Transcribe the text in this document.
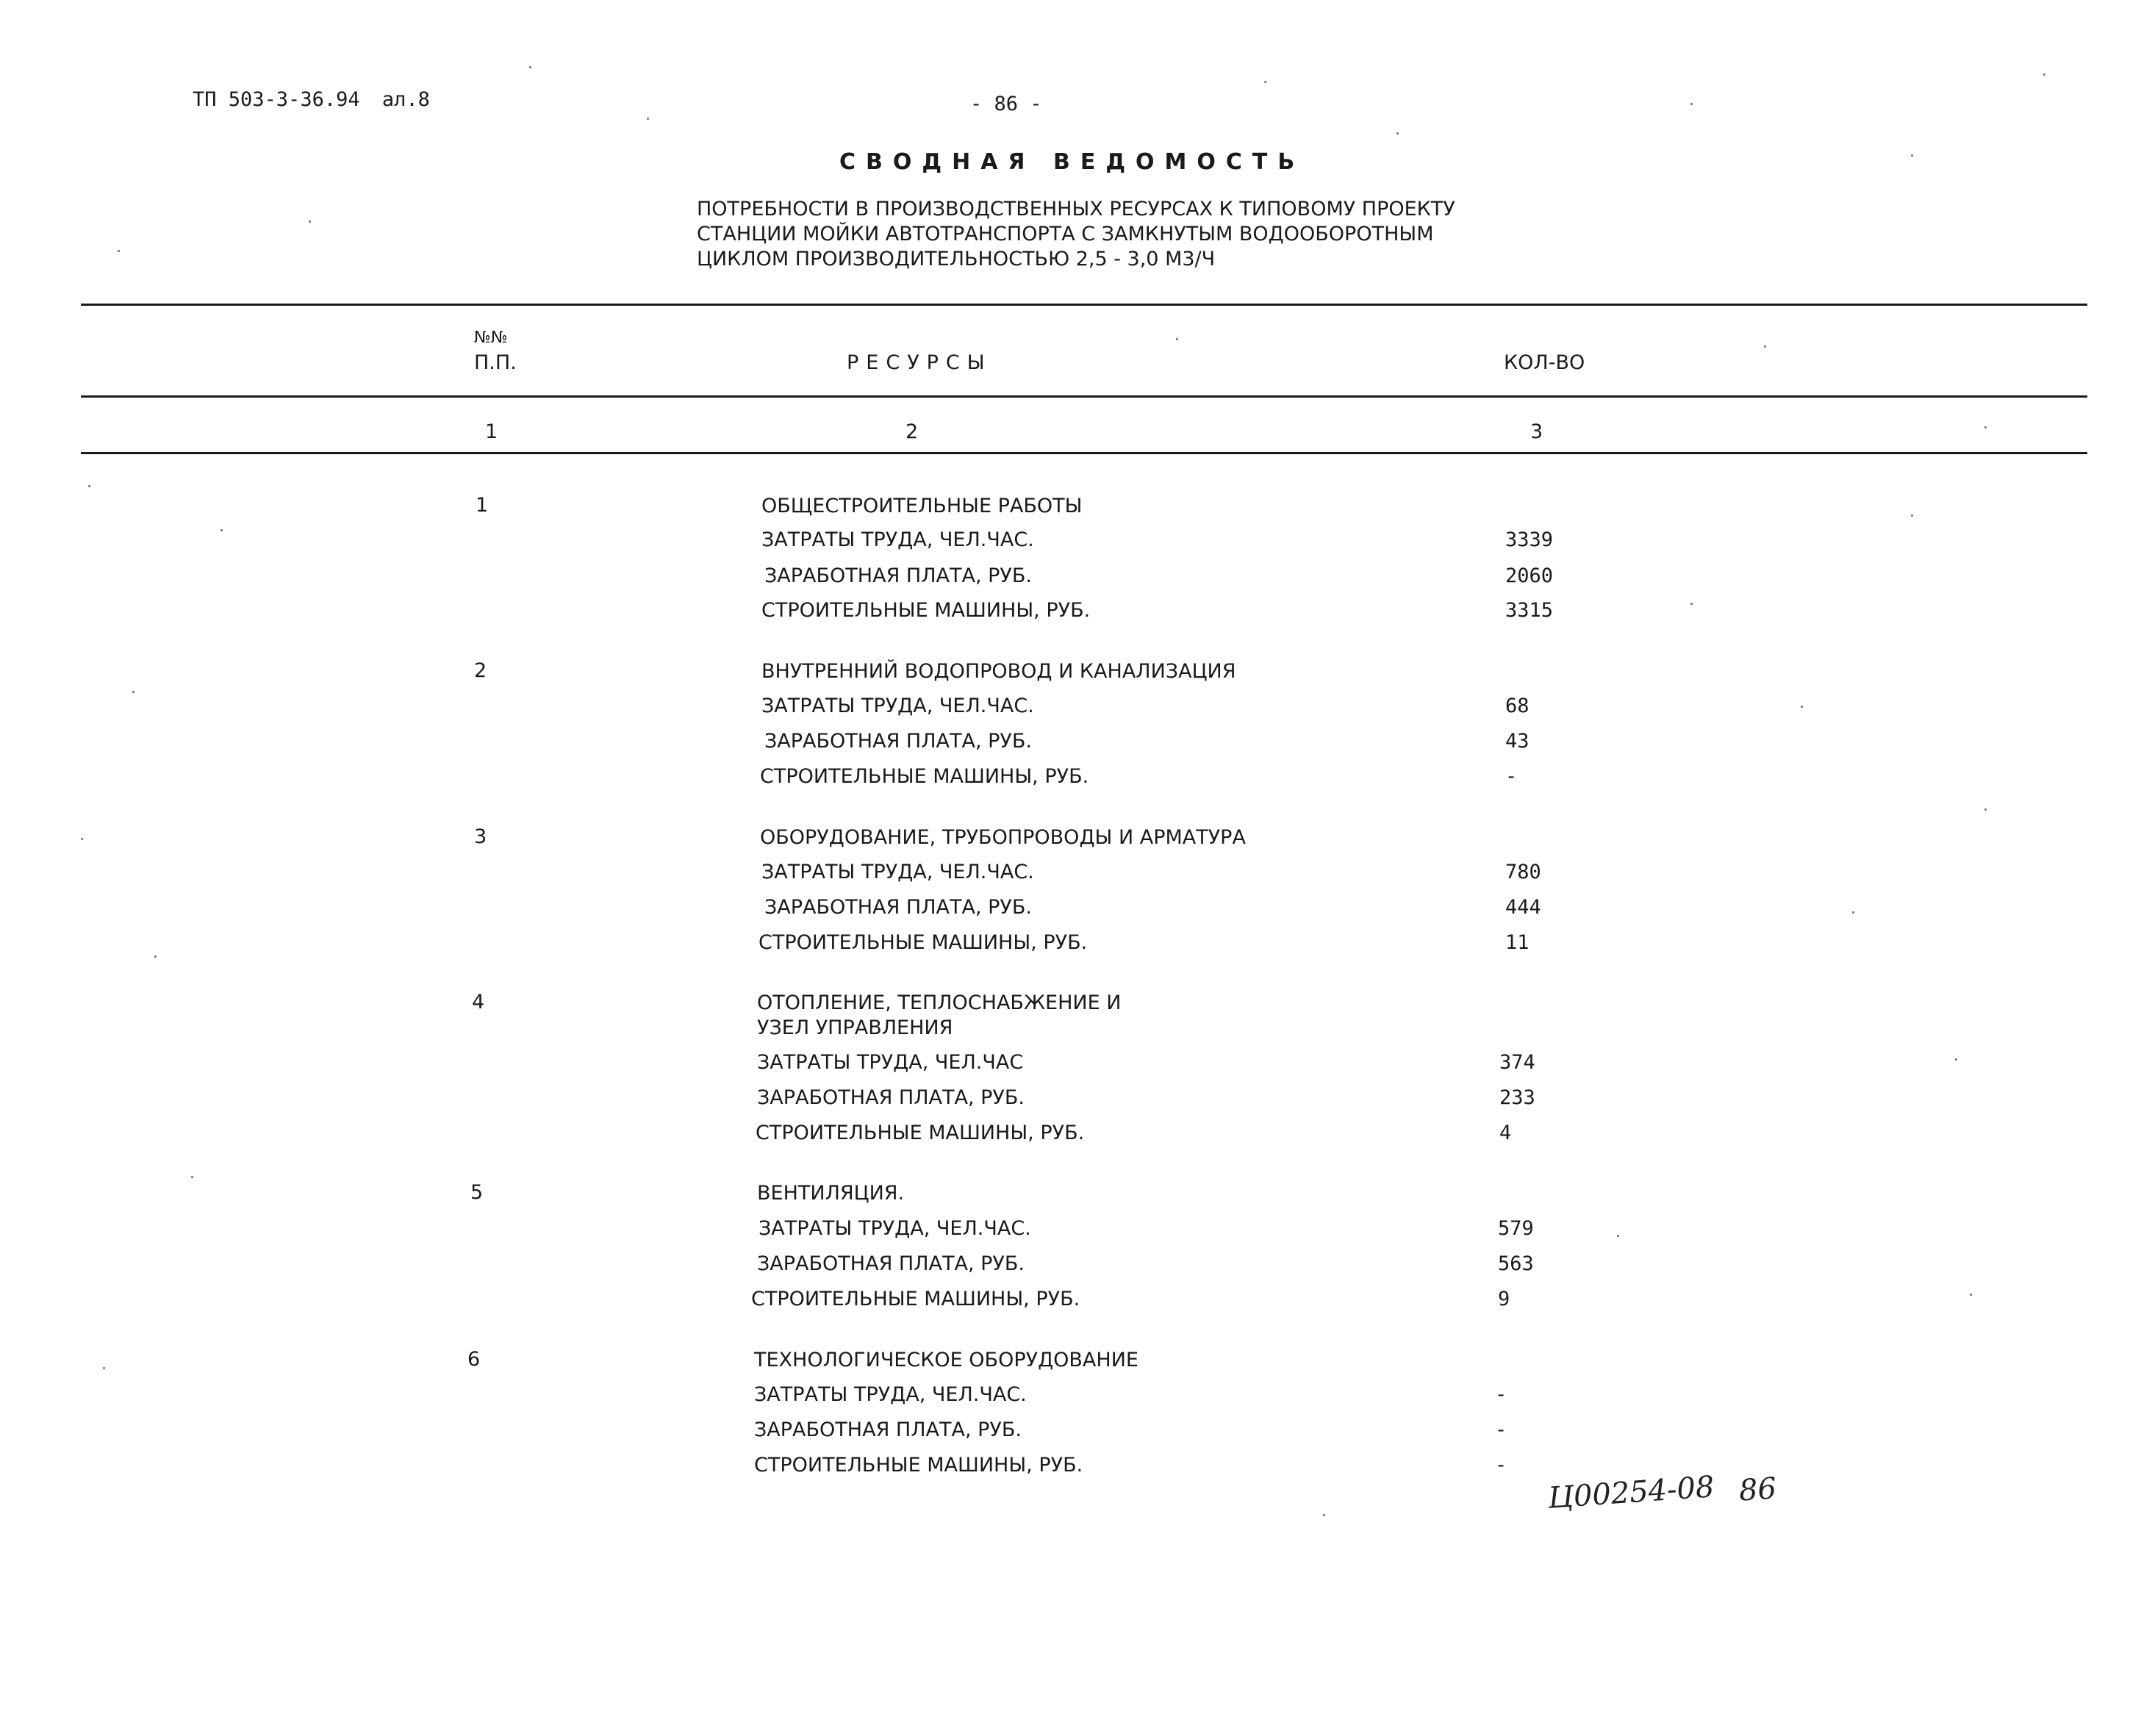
ТП 503-3-36.94 ал.8	- 86 -
СВОДНАЯ ВЕДОМОСТЬ
ПОТРЕБНОСТИ В ПРОИЗВОДСТВЕННЫХ РЕСУРСАХ К ТИПОВОМУ ПРОЕКТУ
СТАНЦИИ МОЙКИ АВТОТРАНСПОРТА С ЗАМКНУТЫМ ВОДООБОРОТНЫМ
ЦИКЛОМ ПРОИЗВОДИТЕЛЬНОСТЬЮ 2,5 - 3,0 М3/Ч
№№
П.П.	РЕСУРСЫ	КОЛ-ВО
1	2	3
1	ОБЩЕСТРОИТЕЛЬНЫЕ РАБОТЫ
ЗАТРАТЫ ТРУДА, ЧЕЛ.ЧАС.	3339
ЗАРАБОТНАЯ ПЛАТА, РУБ.	2060
СТРОИТЕЛЬНЫЕ МАШИНЫ, РУБ.	3315
2	ВНУТРЕННИЙ ВОДОПРОВОД И КАНАЛИЗАЦИЯ
ЗАТРАТЫ ТРУДА, ЧЕЛ.ЧАС.	68
ЗАРАБОТНАЯ ПЛАТА, РУБ.	43
СТРОИТЕЛЬНЫЕ МАШИНЫ, РУБ.	-
3	ОБОРУДОВАНИЕ, ТРУБОПРОВОДЫ И АРМАТУРА
ЗАТРАТЫ ТРУДА, ЧЕЛ.ЧАС.	780
ЗАРАБОТНАЯ ПЛАТА, РУБ.	444
СТРОИТЕЛЬНЫЕ МАШИНЫ, РУБ.	11
4	ОТОПЛЕНИЕ, ТЕПЛОСНАБЖЕНИЕ И
УЗЕЛ УПРАВЛЕНИЯ
ЗАТРАТЫ ТРУДА, ЧЕЛ.ЧАС	374
ЗАРАБОТНАЯ ПЛАТА, РУБ.	233
СТРОИТЕЛЬНЫЕ МАШИНЫ, РУБ.	4
5	ВЕНТИЛЯЦИЯ.
ЗАТРАТЫ ТРУДА, ЧЕЛ.ЧАС.	579
ЗАРАБОТНАЯ ПЛАТА, РУБ.	563
СТРОИТЕЛЬНЫЕ МАШИНЫ, РУБ.	9
6	ТЕХНОЛОГИЧЕСКОЕ ОБОРУДОВАНИЕ
ЗАТРАТЫ ТРУДА, ЧЕЛ.ЧАС.	-
ЗАРАБОТНАЯ ПЛАТА, РУБ.	-
СТРОИТЕЛЬНЫЕ МАШИНЫ, РУБ.	-
Ц00254-08 86
